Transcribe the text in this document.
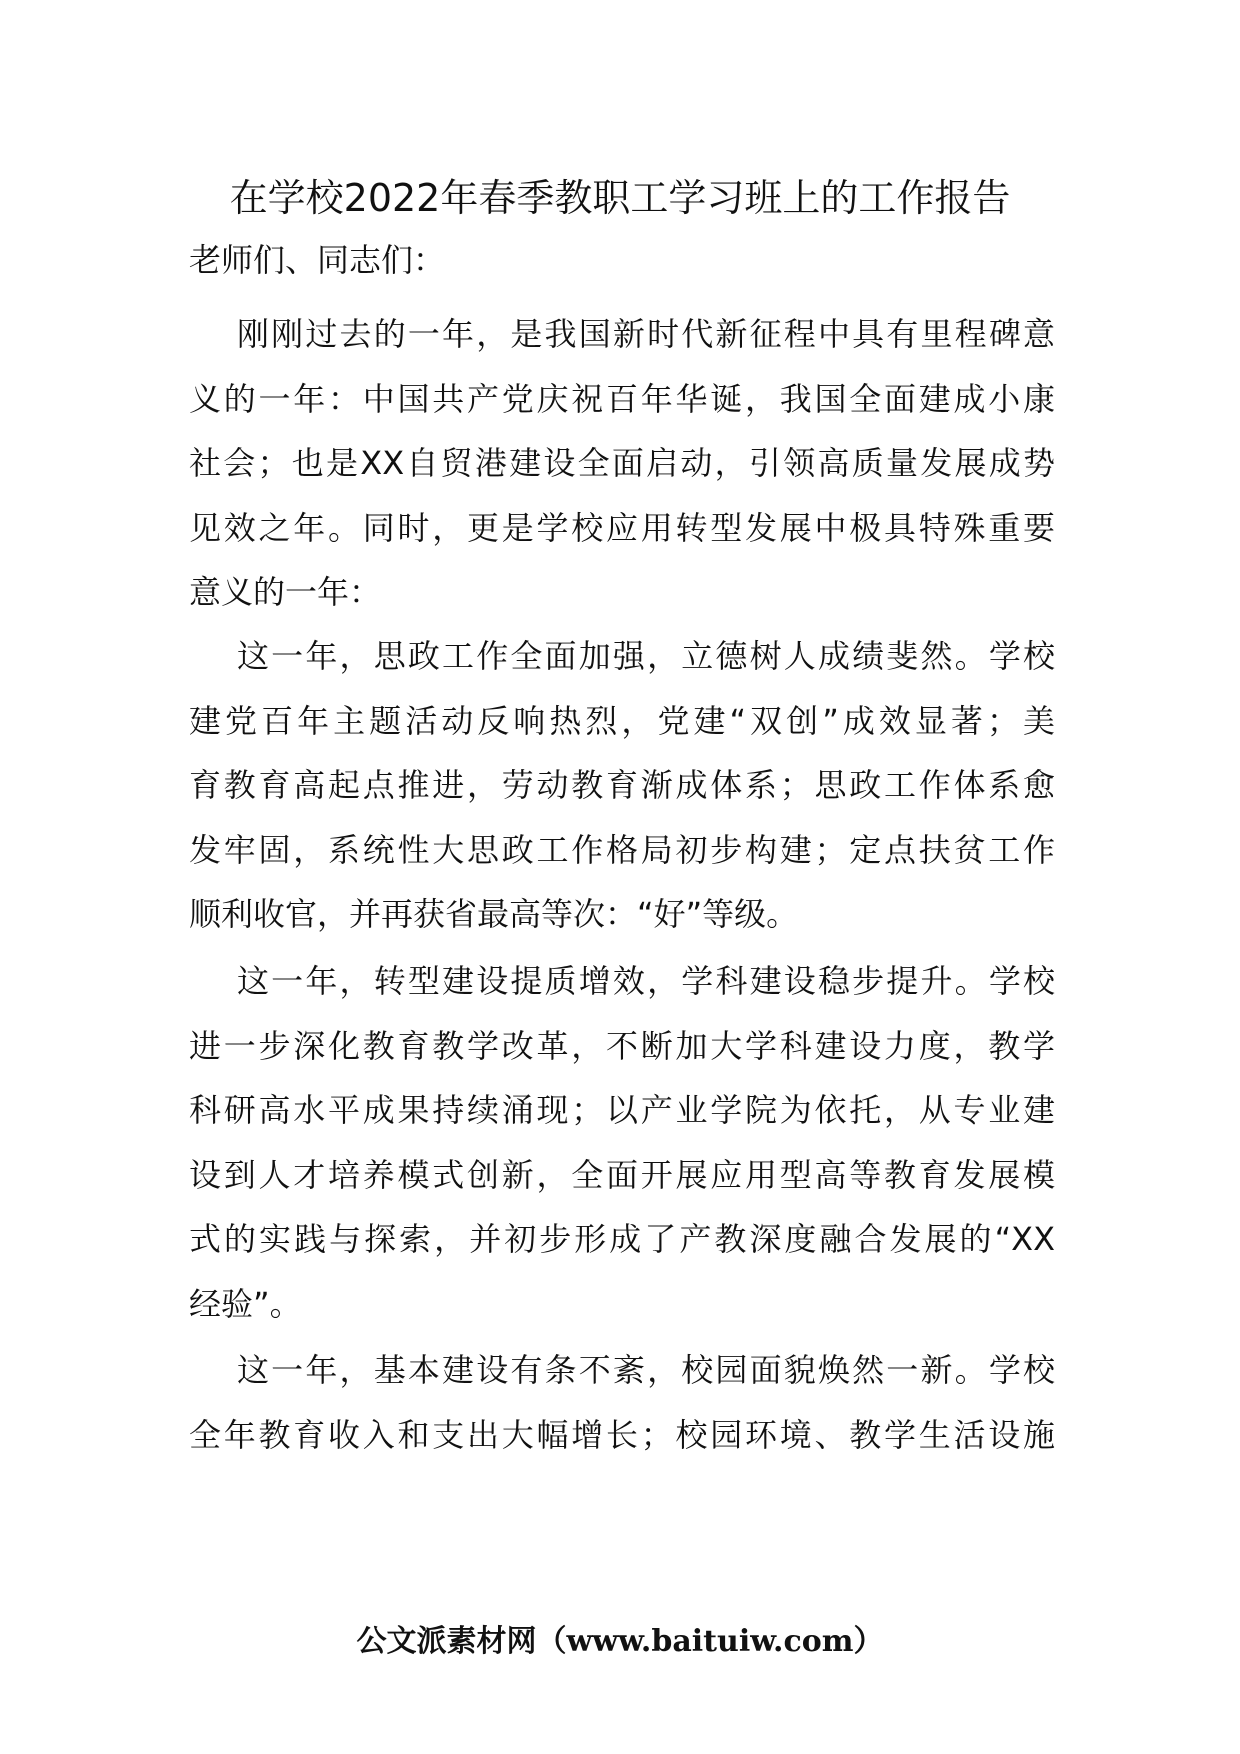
在学校2022年春季教职工学习班上的工作报告

老师们、同志们：

刚刚过去的一年，是我国新时代新征程中具有里程碑意
义的一年：中国共产党庆祝百年华诞，我国全面建成小康
社会；也是XX自贸港建设全面启动，引领高质量发展成势
见效之年。同时，更是学校应用转型发展中极具特殊重要
意义的一年：
这一年，思政工作全面加强，立德树人成绩斐然。学校
建党百年主题活动反响热烈，党建“双创”成效显著；美
育教育高起点推进，劳动教育渐成体系；思政工作体系愈
发牢固，系统性大思政工作格局初步构建；定点扶贫工作
顺利收官，并再获省最高等次：“好”等级。
这一年，转型建设提质增效，学科建设稳步提升。学校
进一步深化教育教学改革，不断加大学科建设力度，教学
科研高水平成果持续涌现；以产业学院为依托，从专业建
设到人才培养模式创新，全面开展应用型高等教育发展模
式的实践与探索，并初步形成了产教深度融合发展的“XX
经验”。
这一年，基本建设有条不紊，校园面貌焕然一新。学校
全年教育收入和支出大幅增长；校园环境、教学生活设施

公文派素材网（www.baituiw.com）
